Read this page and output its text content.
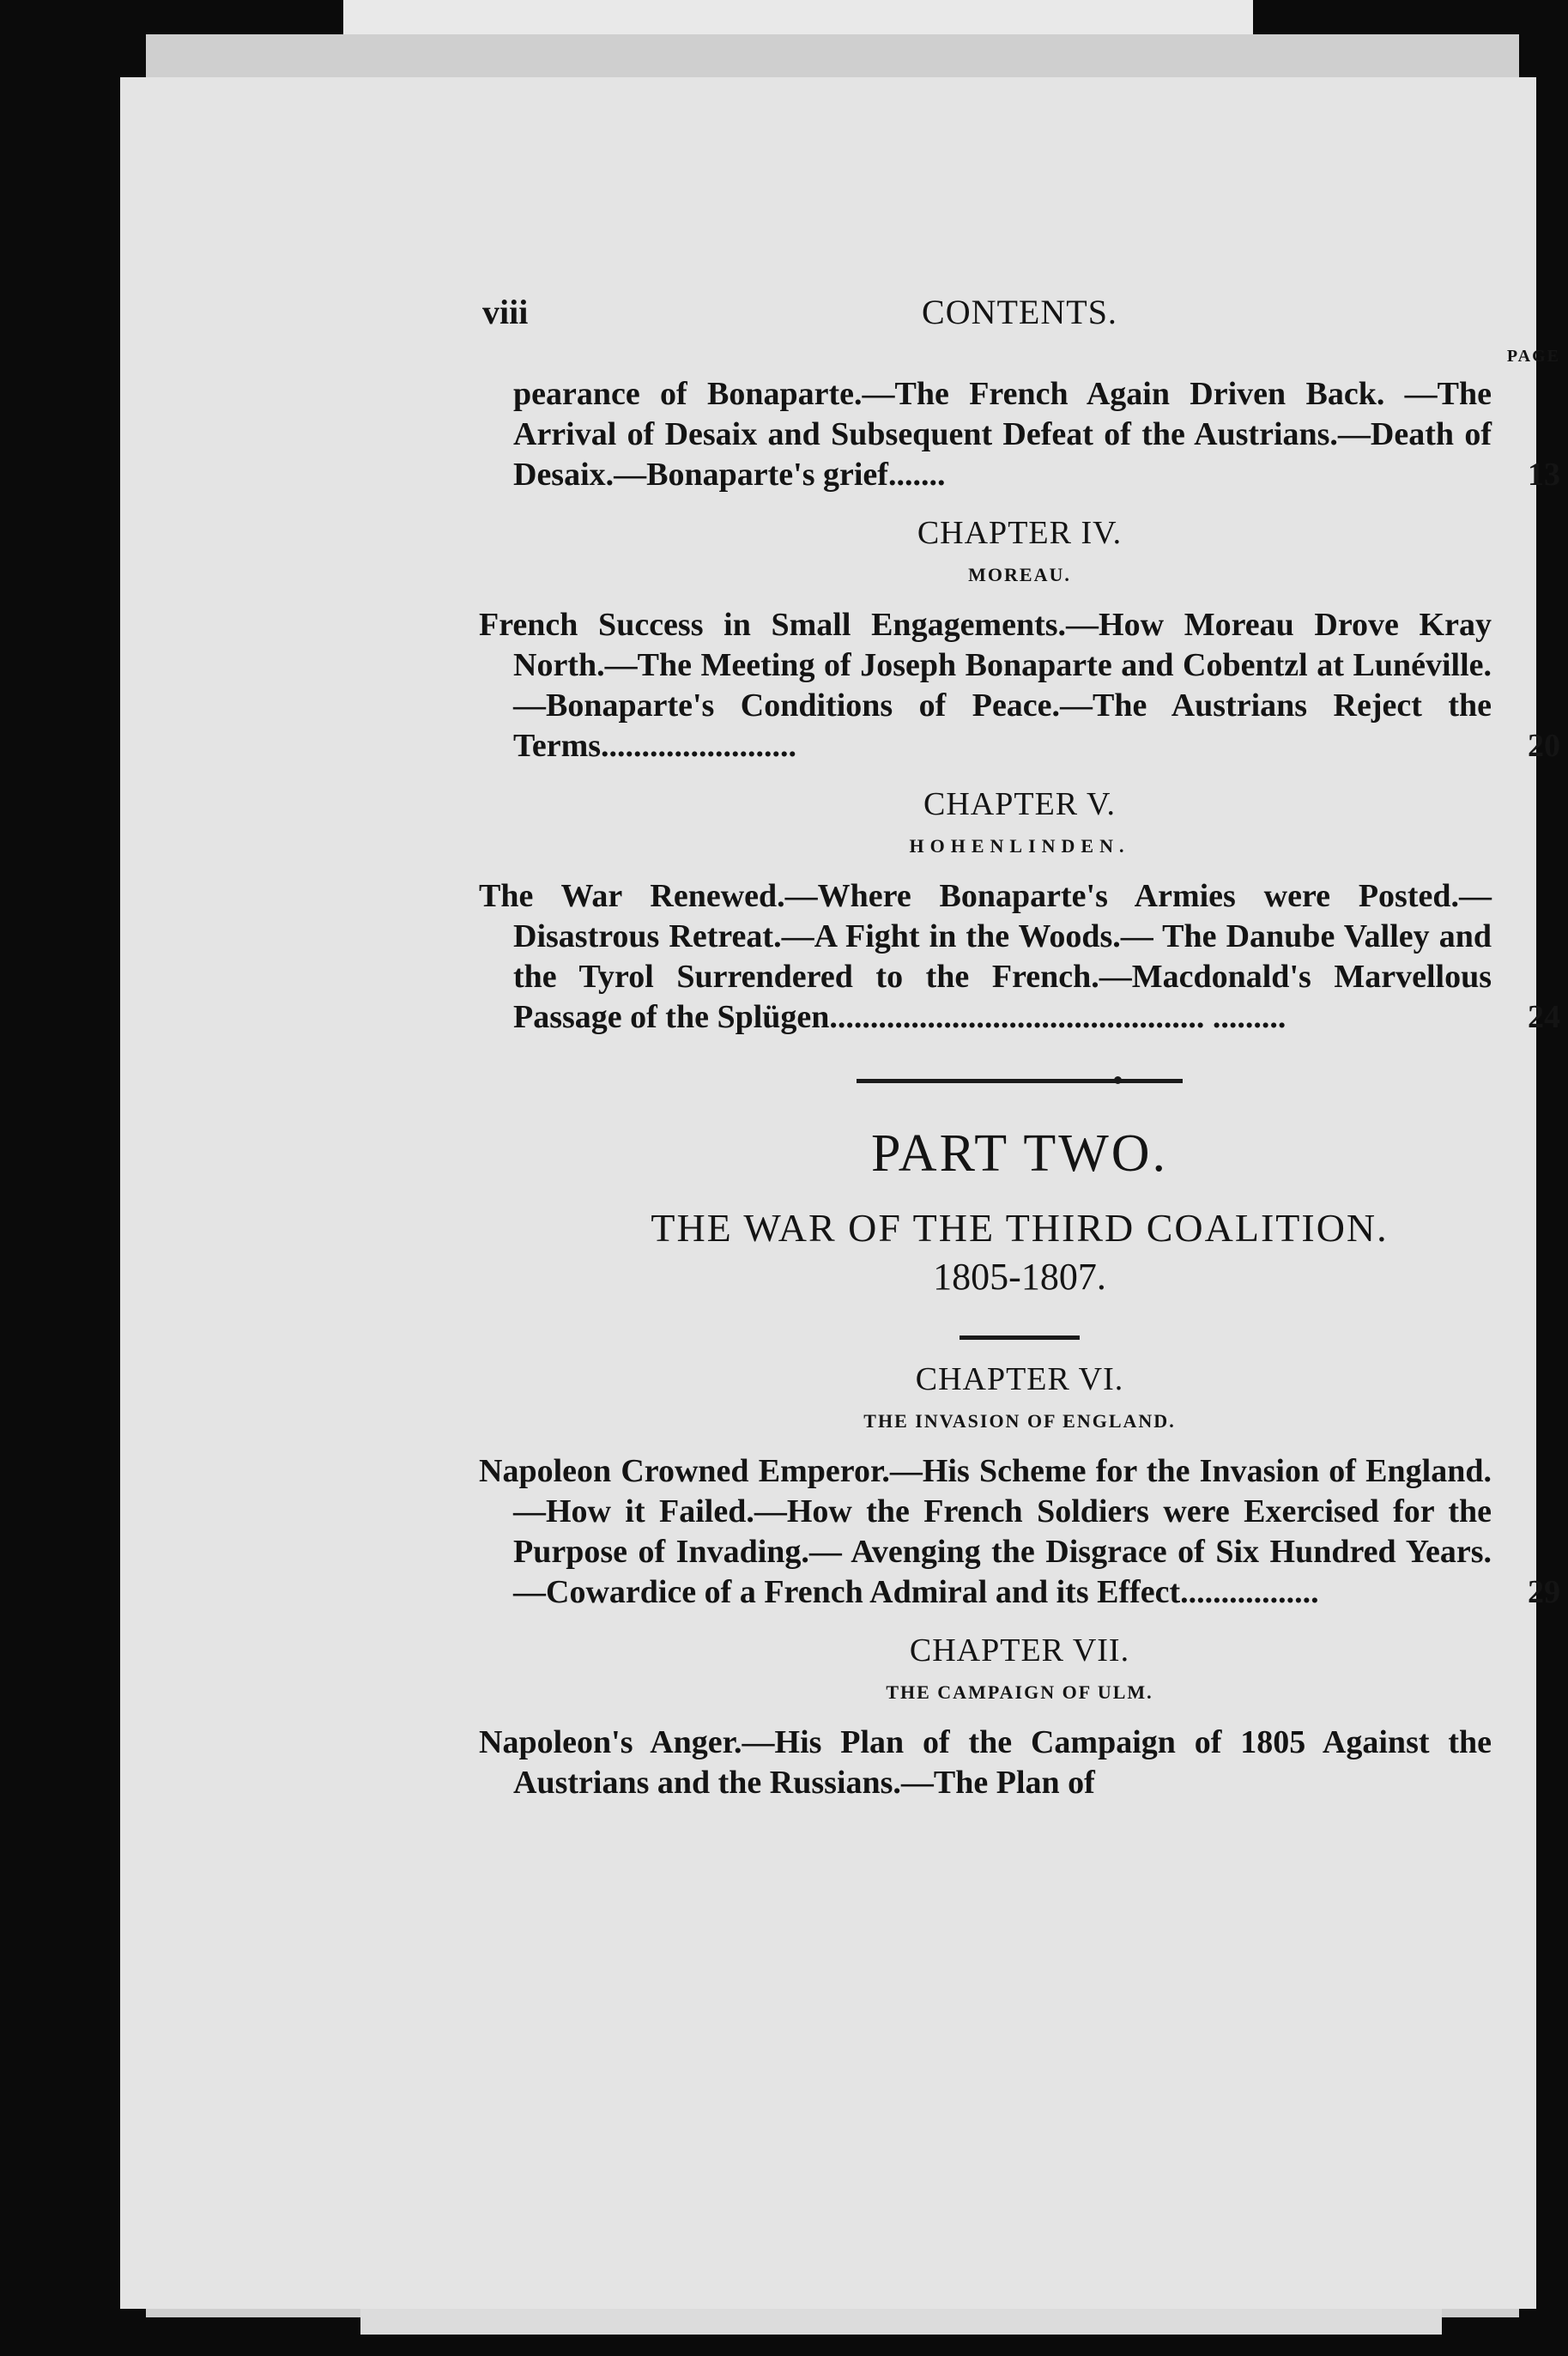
viii	CONTENTS.
PAGE
pearance of Bonaparte.—The French Again Driven Back. —The Arrival of Desaix and Subsequent Defeat of the Austrians.—Death of Desaix.—Bonaparte's grief.......	13
CHAPTER IV.
MOREAU.
French Success in Small Engagements.—How Moreau Drove Kray North.—The Meeting of Joseph Bonaparte and Cobentzl at Lunéville.—Bonaparte's Conditions of Peace.—The Austrians Reject the Terms........................	20
CHAPTER V.
HOHENLINDEN.
The War Renewed.—Where Bonaparte's Armies were Posted.—Disastrous Retreat.—A Fight in the Woods.— The Danube Valley and the Tyrol Surrendered to the French.—Macdonald's Marvellous Passage of the Splügen.............................................. .........	24
PART TWO.
THE WAR OF THE THIRD COALITION.
1805-1807.
CHAPTER VI.
THE INVASION OF ENGLAND.
Napoleon Crowned Emperor.—His Scheme for the Invasion of England.—How it Failed.—How the French Soldiers were Exercised for the Purpose of Invading.— Avenging the Disgrace of Six Hundred Years.—Cowardice of a French Admiral and its Effect.................	29
CHAPTER VII.
THE CAMPAIGN OF ULM.
Napoleon's Anger.—His Plan of the Campaign of 1805 Against the Austrians and the Russians.—The Plan of
